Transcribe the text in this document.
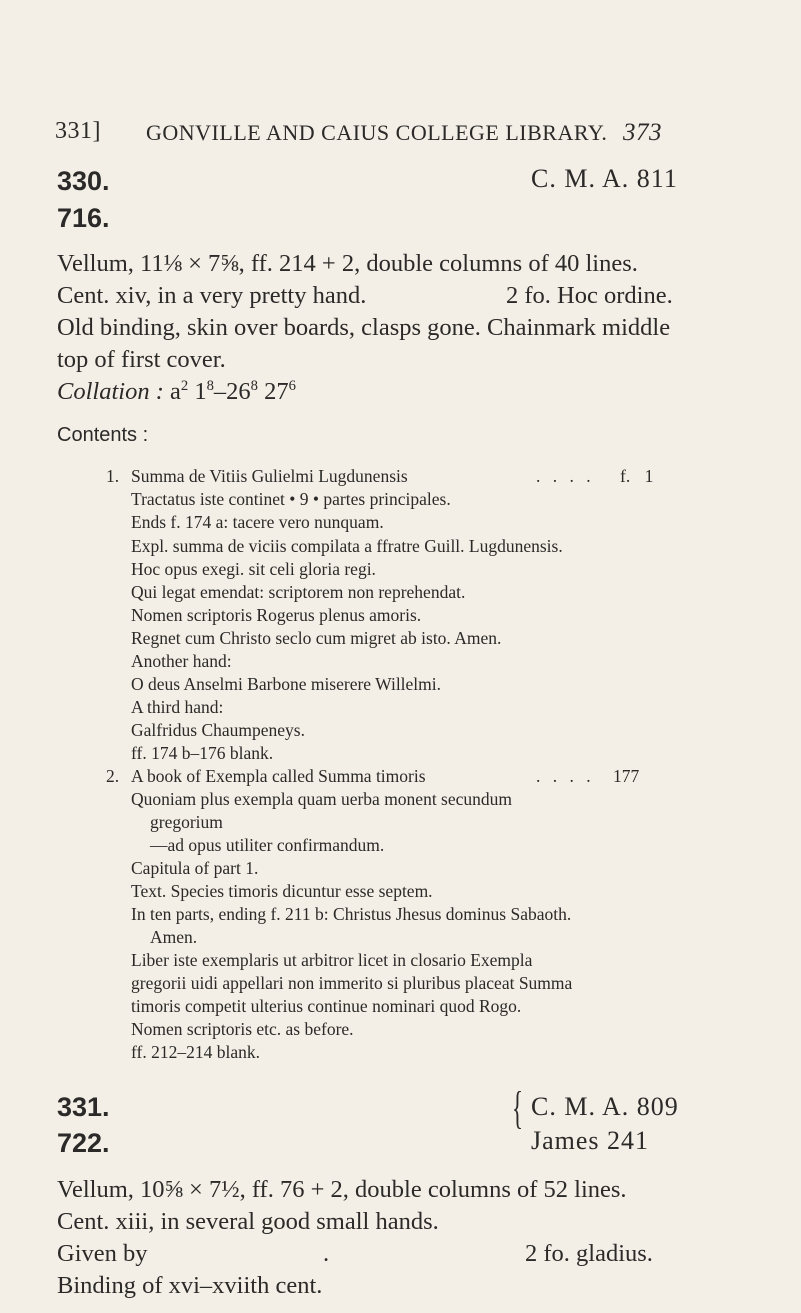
331] GONVILLE AND CAIUS COLLEGE LIBRARY. 373
330.
716.
C. M. A. 811
Vellum, 11⅛ × 7⅝, ff. 214 + 2, double columns of 40 lines.
Cent. xiv, in a very pretty hand.	2 fo. Hoc ordine.
Old binding, skin over boards, clasps gone. Chainmark middle
top of first cover.
Collation : $a^2$ $1^8-26^8$ $27^6$
Contents :
1. Summa de Vitiis Gulielmi Lugdunensis	. . . . f. 1
Tractatus iste continet • 9 • partes principales.
Ends f. 174 a: tacere vero nunquam.
Expl. summa de viciis compilata a ffratre Guill. Lugdunensis.
Hoc opus exegi. sit celi gloria regi.
Qui legat emendat: scriptorem non reprehendat.
Nomen scriptoris Rogerus plenus amoris.
Regnet cum Christo seclo cum migret ab isto. Amen.
Another hand:
O deus Anselmi Barbone miserere Willelmi.
A third hand:
Galfridus Chaumpeneys.
ff. 174 b–176 blank.
2. A book of Exempla called Summa timoris	. . . . 177
Quoniam plus exempla quam uerba monent secundum
gregorium
—ad opus utiliter confirmandum.
Capitula of part 1.
Text. Species timoris dicuntur esse septem.
In ten parts, ending f. 211 b: Christus Jhesus dominus Sabaoth.
Amen.
Liber iste exemplaris ut arbitror licet in closario Exempla
gregorii uidi appellari non immerito si pluribus placeat Summa
timoris competit ulterius continue nominari quod Rogo.
Nomen scriptoris etc. as before.
ff. 212–214 blank.
331.
722.
{ C. M. A. 809
James 241
Vellum, 10⅝ × 7½, ff. 76 + 2, double columns of 52 lines.
Cent. xiii, in several good small hands.
Given by	.	2 fo. gladius.
Binding of xvi–xviith cent.
